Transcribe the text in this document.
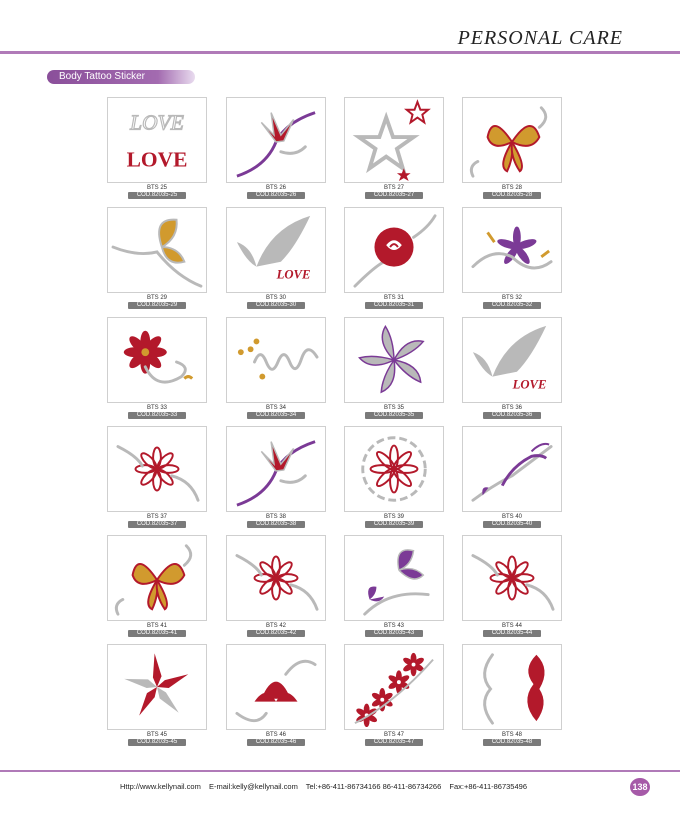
PERSONAL CARE
Body Tattoo Sticker
LOVE
LOVE
BTS 25
COD.82035-25
BTS 26
COD.82035-26
BTS 27
COD.82035-27
BTS 28
COD.82035-28
BTS 29
COD.82035-29
LOVE
BTS 30
COD.82035-30
BTS 31
COD.82035-31
BTS 32
COD.82035-32
BTS 33
COD.82035-33
BTS 34
COD.82035-34
BTS 35
COD.82035-35
LOVE
BTS 36
COD.82035-36
BTS 37
COD.82035-37
BTS 38
COD.82035-38
BTS 39
COD.82035-39
BTS 40
COD.82035-40
BTS 41
COD.82035-41
BTS 42
COD.82035-42
BTS 43
COD.82035-43
BTS 44
COD.82035-44
BTS 45
COD.82035-45
BTS 46
COD.82035-46
BTS 47
COD.82035-47
BTS 48
COD.82035-48
Http://www.kellynail.com E-mail:kelly@kellynail.com Tel:+86-411-86734166 86-411-86734266 Fax:+86-411-86735496	138
